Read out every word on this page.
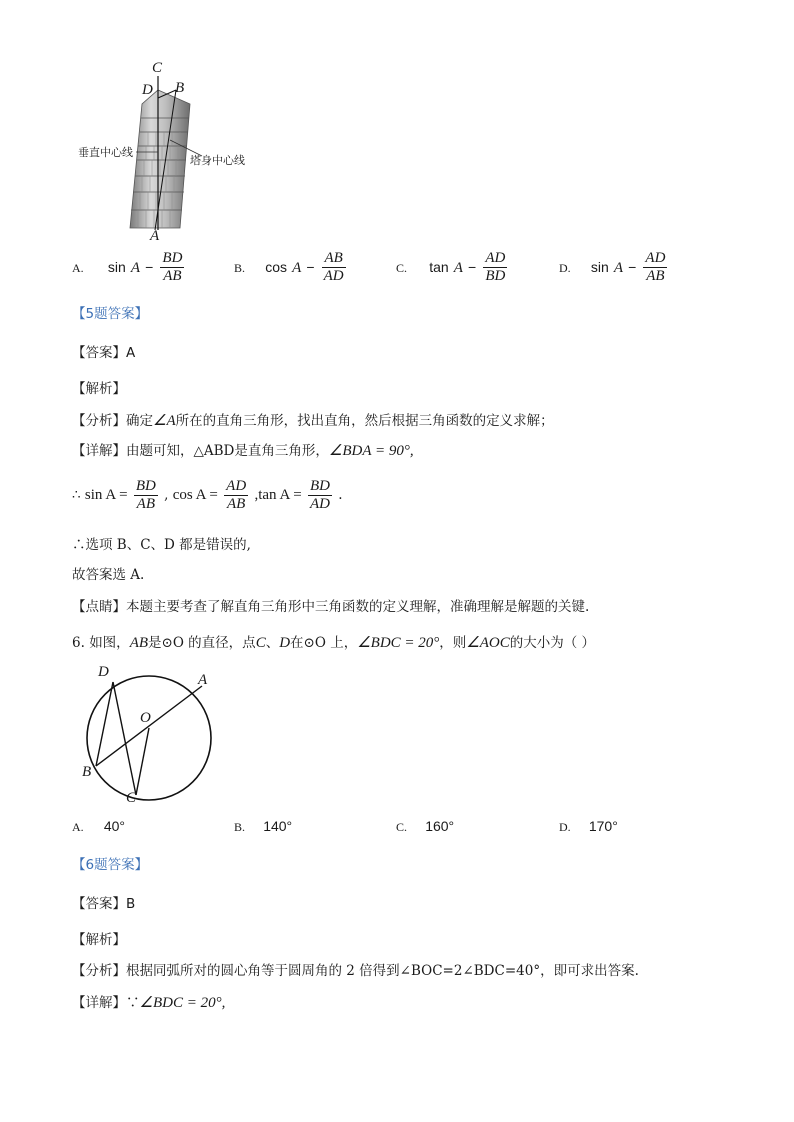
C
D B
A
垂直中心线
塔身中心线
A. $\sin A - \frac{BD}{AB}$	B. $\cos A - \frac{AB}{AD}$	C. $\tan A - \frac{AD}{BD}$	D. $\sin A - \frac{AD}{AB}$
【5题答案】
【答案】A
【解析】
【分析】确定∠A所在的直角三角形，找出直角，然后根据三角函数的定义求解；
【详解】由题可知，△ABD是直角三角形，∠BDA = 90°,
∴ $\sin A = \frac{BD}{AB}$ , $\cos A = \frac{AD}{AB} ,\tan$ $A = \frac{BD}{AD}$ .
∴选项 B、C、D 都是错误的,
故答案选 A.
【点睛】本题主要考查了解直角三角形中三角函数的定义理解，准确理解是解题的关键.
6. 如图，AB是⊙O 的直径，点C、D在⊙O 上，∠BDC = 20°，则∠AOC的大小为（ ）
D	A
O
B
C
A. 40°	B. 140°	C. 160°	D. 170°
【6题答案】
【答案】B
【解析】
【分析】根据同弧所对的圆心角等于圆周角的 2 倍得到∠BOC=2∠BDC=40°，即可求出答案.
【详解】∵∠BDC = 20°,
